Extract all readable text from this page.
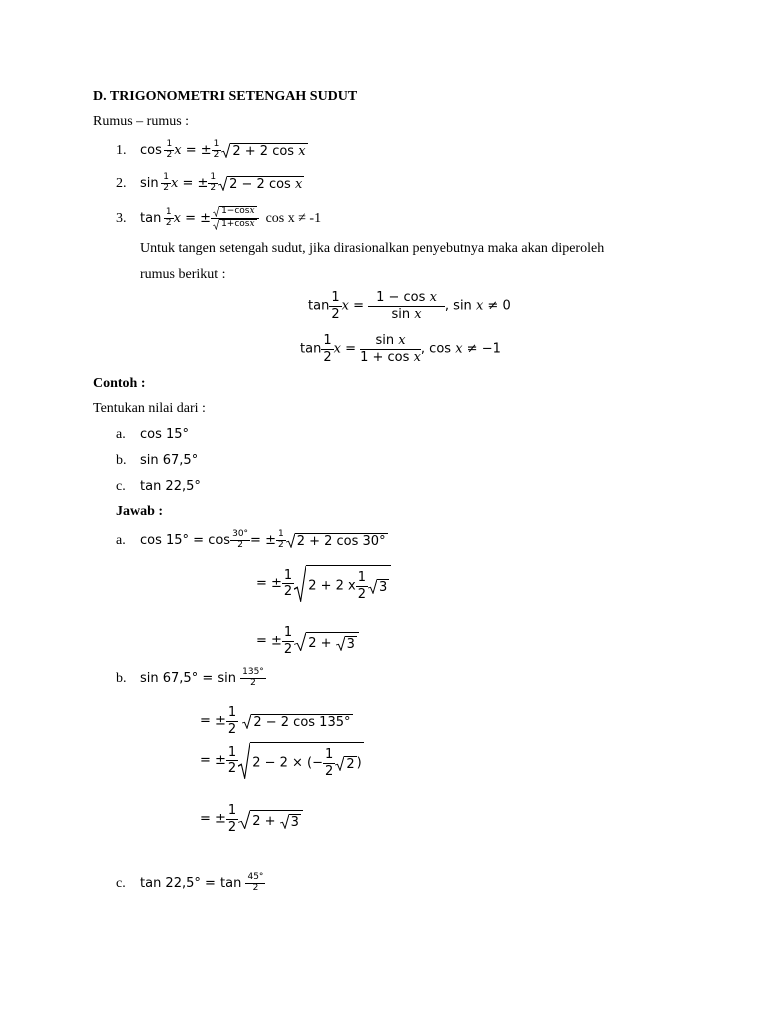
D. TRIGONOMETRI SETENGAH SUDUT
Rumus – rumus :
1. $\cos \frac{1}{2}$ x = ± $\frac{1}{2} 2 + 2$ cos x
2. $\sin \frac{1}{2}$ x = ± $\frac{1}{2} 2 - 2$ cos x
3. $\tan \frac{1}{2}$ x = ± $\frac{1-\cos x}{1+\cos x}$ cos x ≠ -1
Untuk tangen setengah sudut, jika dirasionalkan penyebutnya maka akan diperoleh
rumus berikut :
$\tan \frac{1}{2}$ $x = \frac{\text{1 − cos x}}{\text{sin x}}$ , sin x ≠ 0
$\tan \frac{1}{2}$ $x = \frac{\text{sin x}}{\text{1 + cos x}}$ , cos x ≠ −1
Contoh :
Tentukan nilai dari :
a. cos 15°
b. sin 67,5°
c. tan 22,5°
Jawab :
a. $\cos 15^\circ = \cos \frac{30^\circ}{2}$ = ± $\frac{1}{2} 2 + 2$ cos 30°
= ± $\frac{1}{2} 2 + 2$ x $\frac{1}{2} 3$
= ± $\frac{1}{2} 2$ +
3
b. $\sin 67,5^\circ = \sin \frac{135^\circ}{2}$
= ± $\frac{1}{2}$
2 − 2 cos 135°
= ± $\frac{1}{2} 2 - 2$ × (− $\frac{1}{2} 2$ )
= ± $\frac{1}{2} 2$ +
3
c. $\tan 22,5^\circ = \tan \frac{45^\circ}{2}$
